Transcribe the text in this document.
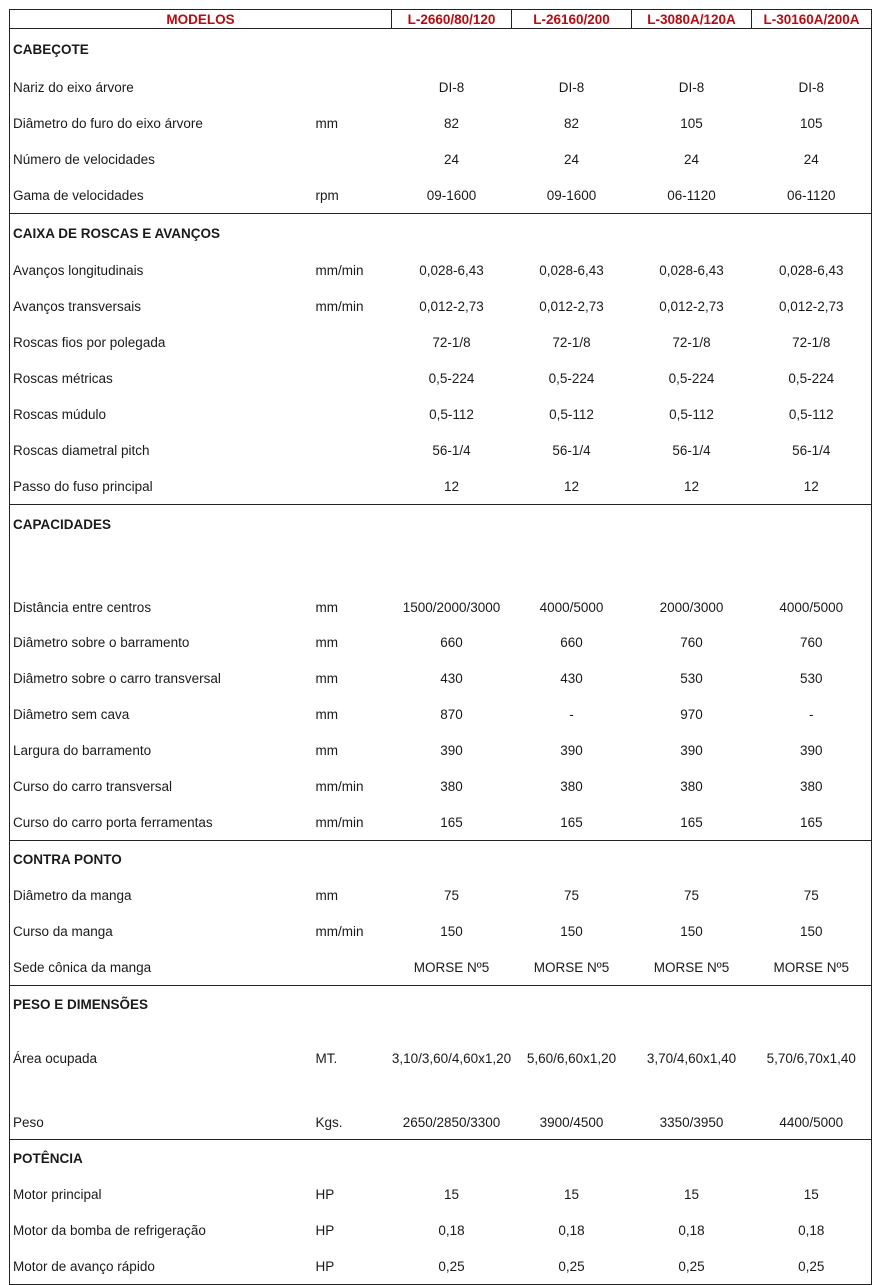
MODELOS		L-2660/80/120	L-26160/200	L-3080A/120A	L-30160A/200A
CABEÇOTE					
Nariz do eixo árvore		DI-8	DI-8	DI-8	DI-8
Diâmetro do furo do eixo árvore	mm	82	82	105	105
Número de velocidades		24	24	24	24
Gama de velocidades	rpm	09-1600	09-1600	06-1120	06-1120
CAIXA DE ROSCAS E AVANÇOS					
Avanços longitudinais	mm/min	0,028-6,43	0,028-6,43	0,028-6,43	0,028-6,43
Avanços transversais	mm/min	0,012-2,73	0,012-2,73	0,012-2,73	0,012-2,73
Roscas fios por polegada		72-1/8	72-1/8	72-1/8	72-1/8
Roscas métricas		0,5-224	0,5-224	0,5-224	0,5-224
Roscas múdulo		0,5-112	0,5-112	0,5-112	0,5-112
Roscas diametral pitch		56-1/4	56-1/4	56-1/4	56-1/4
Passo do fuso principal		12	12	12	12
CAPACIDADES					
Distância entre centros	mm	1500/2000/3000	4000/5000	2000/3000	4000/5000
Diâmetro sobre o barramento	mm	660	660	760	760
Diâmetro sobre o carro transversal	mm	430	430	530	530
Diâmetro sem cava	mm	870	-	970	-
Largura do barramento	mm	390	390	390	390
Curso do carro transversal	mm/min	380	380	380	380
Curso do carro porta ferramentas	mm/min	165	165	165	165
CONTRA PONTO					
Diâmetro da manga	mm	75	75	75	75
Curso da manga	mm/min	150	150	150	150
Sede cônica da manga		MORSE Nº5	MORSE Nº5	MORSE Nº5	MORSE Nº5
PESO E DIMENSÕES					
Área ocupada	MT.	3,10/3,60/4,60x1,20	5,60/6,60x1,20	3,70/4,60x1,40	5,70/6,70x1,40
Peso	Kgs.	2650/2850/3300	3900/4500	3350/3950	4400/5000
POTÊNCIA					
Motor principal	HP	15	15	15	15
Motor da bomba de refrigeração	HP	0,18	0,18	0,18	0,18
Motor de avanço rápido	HP	0,25	0,25	0,25	0,25
